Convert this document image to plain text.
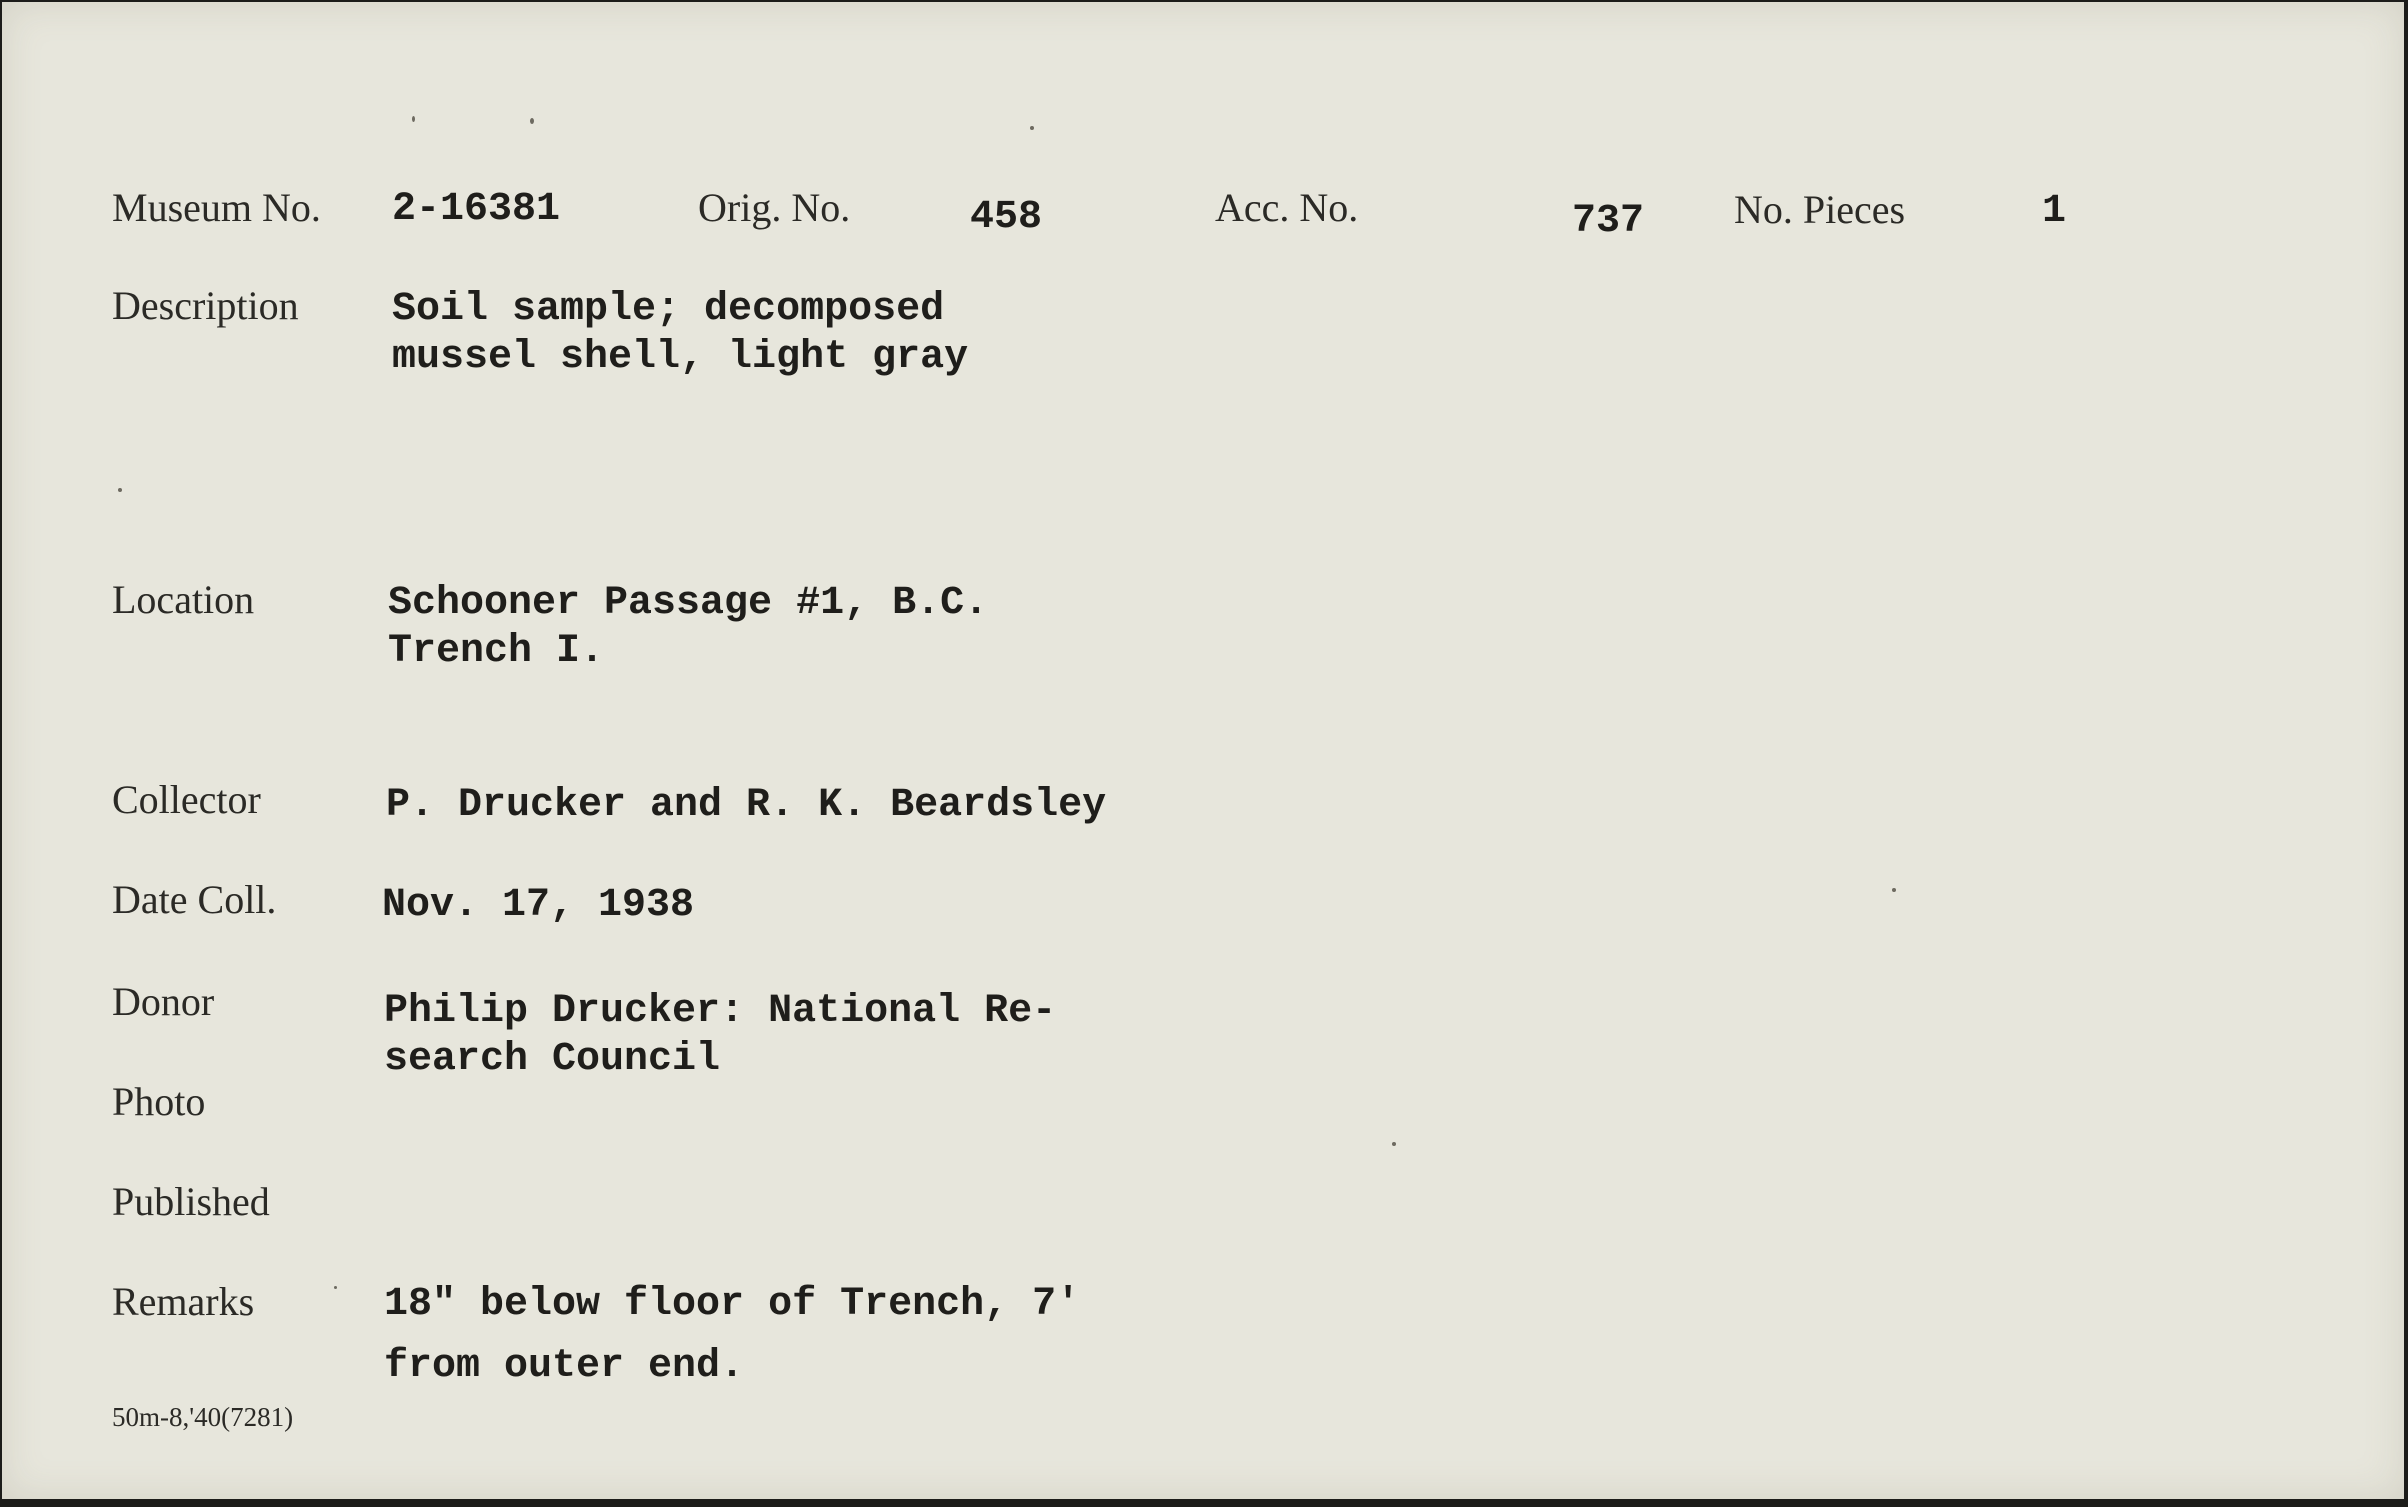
Museum No. 2-16381	Orig. No.	458	Acc. No.	737 No. Pieces	1
Description Soil sample; decomposed
mussel shell, light gray
Location	Schooner Passage #1, B.C.
Trench I.
Collector	P. Drucker and R. K. Beardsley
Date Coll.	Nov. 17, 1938
Donor	Philip Drucker: National Re-
search Council
Photo
Published
Remarks	18" below floor of Trench, 7'
from outer end.
50m-8,'40(7281)
